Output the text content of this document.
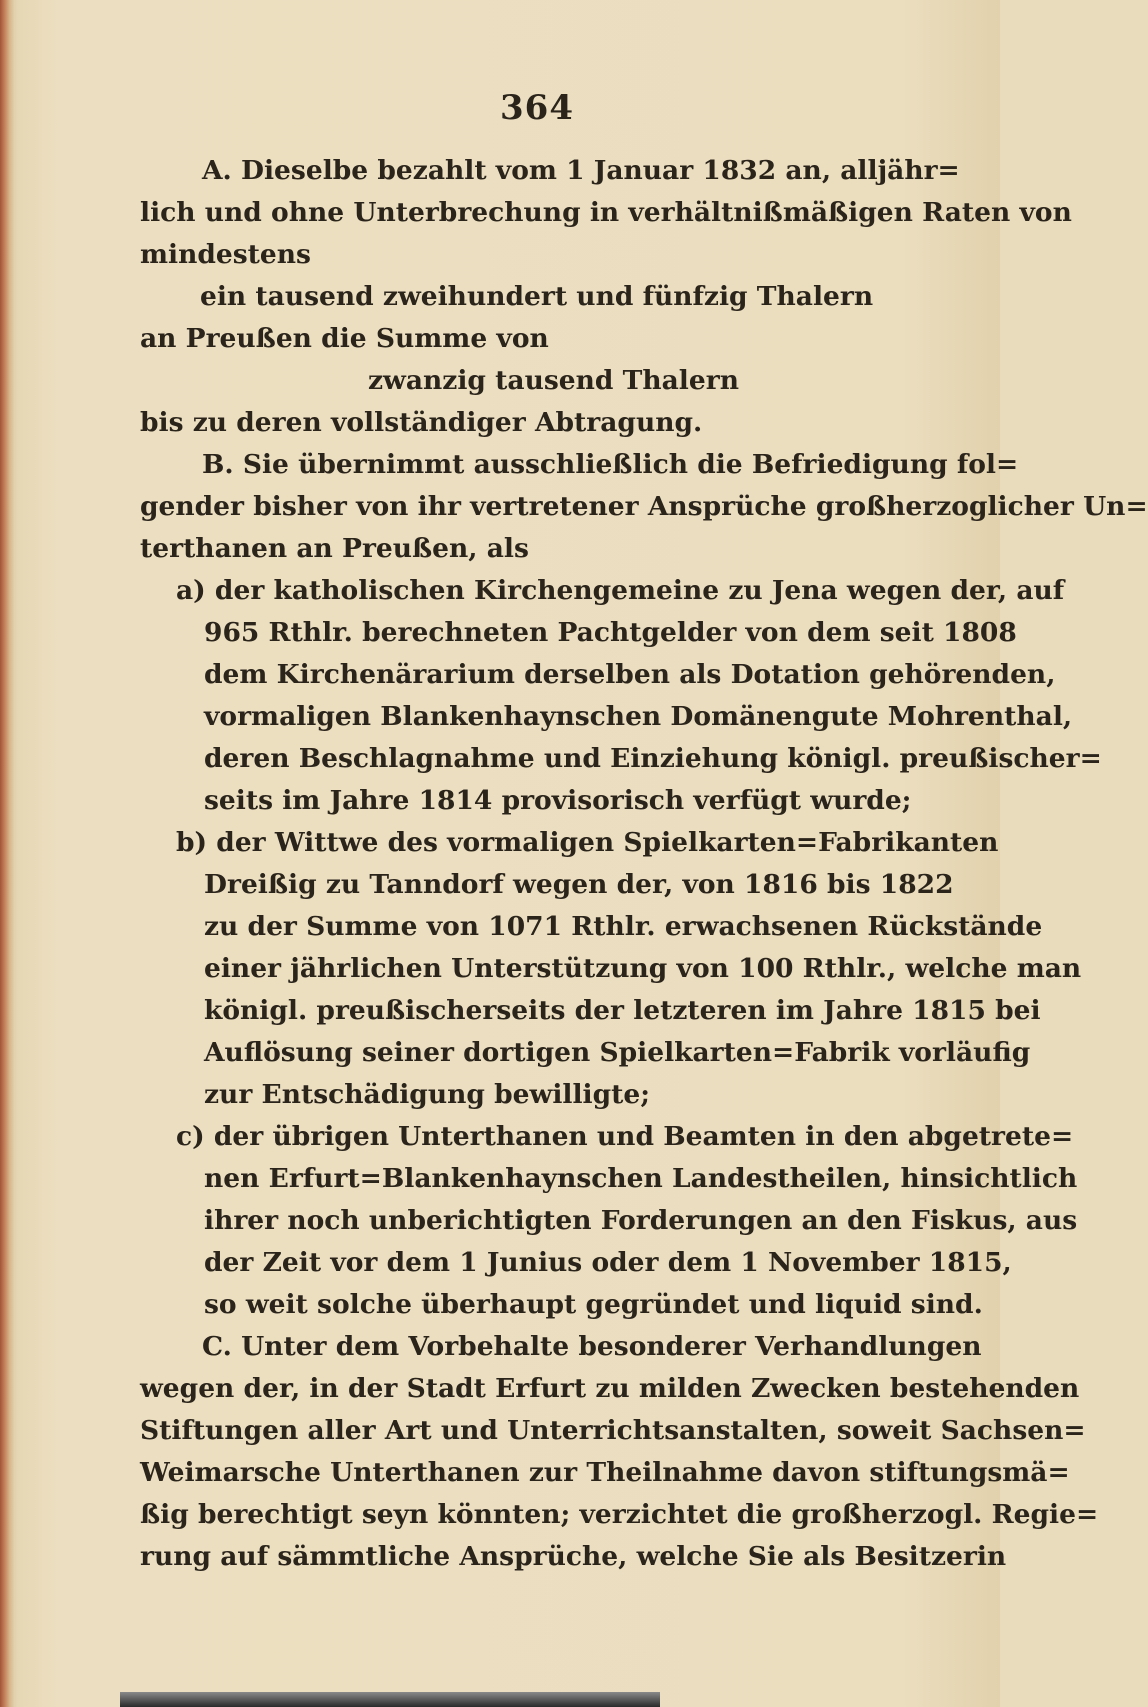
364
A. Dieselbe bezahlt vom 1 Januar 1832 an, alljähr=
lich und ohne Unterbrechung in verhältnißmäßigen Raten von
mindestens
ein tausend zweihundert und fünfzig Thalern
an Preußen die Summe von
zwanzig tausend Thalern
bis zu deren vollständiger Abtragung.
B. Sie übernimmt ausschließlich die Befriedigung fol=
gender bisher von ihr vertretener Ansprüche großherzoglicher Un=
terthanen an Preußen, als
a) der katholischen Kirchengemeine zu Jena wegen der, auf
965 Rthlr. berechneten Pachtgelder von dem seit 1808
dem Kirchenärarium derselben als Dotation gehörenden,
vormaligen Blankenhaynschen Domänengute Mohrenthal,
deren Beschlagnahme und Einziehung königl. preußischer=
seits im Jahre 1814 provisorisch verfügt wurde;
b) der Wittwe des vormaligen Spielkarten=Fabrikanten
Dreißig zu Tanndorf wegen der, von 1816 bis 1822
zu der Summe von 1071 Rthlr. erwachsenen Rückstände
einer jährlichen Unterstützung von 100 Rthlr., welche man
königl. preußischerseits der letzteren im Jahre 1815 bei
Auflösung seiner dortigen Spielkarten=Fabrik vorläufig
zur Entschädigung bewilligte;
c) der übrigen Unterthanen und Beamten in den abgetrete=
nen Erfurt=Blankenhaynschen Landestheilen, hinsichtlich
ihrer noch unberichtigten Forderungen an den Fiskus, aus
der Zeit vor dem 1 Junius oder dem 1 November 1815,
so weit solche überhaupt gegründet und liquid sind.
C. Unter dem Vorbehalte besonderer Verhandlungen
wegen der, in der Stadt Erfurt zu milden Zwecken bestehenden
Stiftungen aller Art und Unterrichtsanstalten, soweit Sachsen=
Weimarsche Unterthanen zur Theilnahme davon stiftungsmä=
ßig berechtigt seyn könnten; verzichtet die großherzogl. Regie=
rung auf sämmtliche Ansprüche, welche Sie als Besitzerin
